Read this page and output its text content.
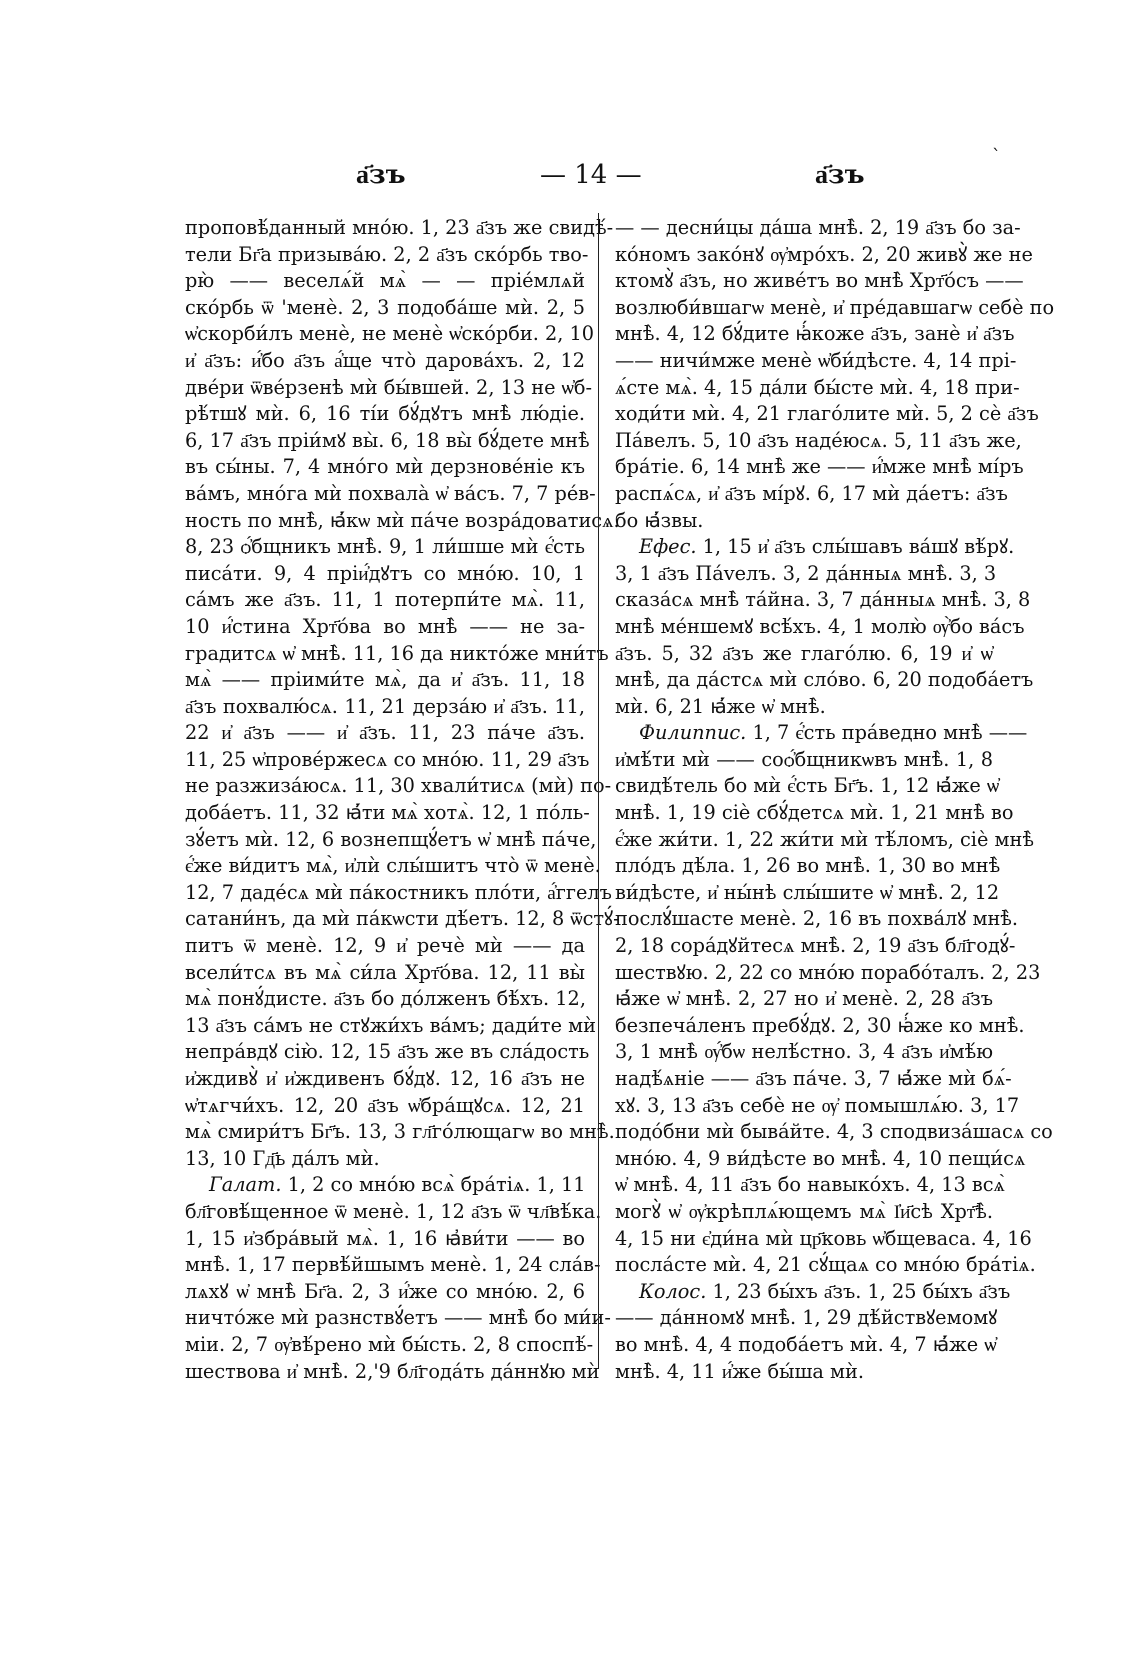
а҃зъ	— 14 —	а҃зъ
ˋ
проповѣ́данный мно́ю. 1, 23 а҃зъ же свидѣ́-
тели Бг҃а призыва́ю. 2, 2 а҃зъ ско́рбь тво-
рю̀ —— веселѧ́й мѧ̀ — — пріе́млѧй
ско́рбь ѿ 'менѐ. 2, 3 подоба́ше мѝ. 2, 5
ѡ҆скорби́лъ менѐ, не менѐ ѡ҆ско́рби. 2, 10
и҆ а҃зъ: и҆́бо а҃зъ а҆́ще что̀ дарова́хъ. 2, 12
две́ри ѿве́рзенѣ мѝ бы́вшей. 2, 13 не ѡ҆б-
рѣ́тшꙋ мѝ. 6, 16 ті́и бꙋ́дꙋтъ мнѣ̀ лю́діе.
6, 17 а҃зъ пріи́мꙋ вы̀. 6, 18 вы̀ бꙋ́дете мнѣ̀
въ сы́ны. 7, 4 мно́го мѝ дерзнове́ніе къ
ва́мъ, мно́га мѝ похвала̀ ѡ҆ ва́съ. 7, 7 ре́в-
ность по мнѣ̀, ꙗ҆́кѡ мѝ па́че возра́доватисѧ.
8, 23 ѻ҆́бщникъ мнѣ̀. 9, 1 ли́шше мѝ є҆́сть
писа́ти. 9, 4 пріи҆́дꙋтъ со мно́ю. 10, 1
са́мъ же а҃зъ. 11, 1 потерпи́те мѧ̀. 11,
10 и҆́стина Хрт҃о́ва во мнѣ̀ —— не за-
градитсѧ ѡ҆ мнѣ̀. 11, 16 да никто́же мни́тъ
мѧ̀ —— пріими́те мѧ̀, да и҆ а҃зъ. 11, 18
а҃зъ похвалю́сѧ. 11, 21 дерза́ю и҆ а҃зъ. 11,
22 и҆ а҃зъ —— и҆ а҃зъ. 11, 23 па́че а҃зъ.
11, 25 ѡ҆прове́ржесѧ со мно́ю. 11, 29 а҃зъ
не разжиза́юсѧ. 11, 30 хвали́тисѧ (мѝ) по-
доба́етъ. 11, 32 ꙗ҆́ти мѧ̀ хотѧ̀. 12, 1 по́ль-
зꙋ́етъ мѝ. 12, 6 вознепщꙋ́етъ ѡ҆ мнѣ̀ па́че,
є҆́же ви́дитъ мѧ̀, и҆лѝ слы́шитъ что̀ ѿ менѐ.
12, 7 даде́сѧ мѝ па́костникъ пло́ти, а҆́ггелъ
сатани́нъ, да мѝ па́кѡсти дѣ́етъ. 12, 8 ѿстꙋ́-
питъ ѿ менѐ. 12, 9 и҆ речѐ мѝ —— да
всели́тсѧ въ мѧ̀ си́ла Хрт҃о́ва. 12, 11 вы̀
мѧ̀ понꙋ́дисте. а҃зъ бо до́лженъ бѣ́хъ. 12,
13 а҃зъ са́мъ не стꙋжи́хъ ва́мъ; дади́те мѝ
непра́вдꙋ сію̀. 12, 15 а҃зъ же въ сла́дость
и҆ждивꙋ̀ и҆ и҆ждивенъ бꙋ́дꙋ. 12, 16 а҃зъ не
ѡ҆тѧгчи́хъ. 12, 20 а҃зъ ѡ҆бра́щꙋсѧ. 12, 21
мѧ̀ смири́тъ Бг҃ъ. 13, 3 гл҃го́лющагѡ во мнѣ̀.
13, 10 Гд҃ь да́лъ мѝ.
Галат. 1, 2 со мно́ю всѧ̀ бра́тіѧ. 1, 11
бл҃говѣ́щенное ѿ менѐ. 1, 12 а҃зъ ѿ чл҃вѣ́ка.
1, 15 и҆збра́вый мѧ̀. 1, 16 ꙗ҆ви́ти —— во
мнѣ̀. 1, 17 первѣ́йшымъ менѐ. 1, 24 сла́в-
лѧхꙋ ѡ҆ мнѣ̀ Бг҃а. 2, 3 и҆́же со мно́ю. 2, 6
ничто́же мѝ разнствꙋ́етъ —— мнѣ̀ бо ми́и-
міи. 2, 7 ѹ҆вѣ́рено мѝ бы́сть. 2, 8 споспѣ́-
шествова и҆ мнѣ̀. 2,'9 бл҃года́ть да́ннꙋю мѝ
— — десни́цы да́ша мнѣ̀. 2, 19 а҃зъ бо за-
ко́номъ зако́нꙋ ѹ҆мро́хъ. 2, 20 живꙋ̀ же не
ктомꙋ̀ а҃зъ, но живе́тъ во мнѣ̀ Хрт҃о́съ ——
возлюби́вшагѡ менѐ, и҆ пре́давшагѡ себѐ по
мнѣ̀. 4, 12 бꙋ́дите ꙗ҆́коже а҃зъ, занѐ и҆ а҃зъ
—— ничи́мже менѐ ѡ҆би́дѣсте. 4, 14 прі-
ѧ́сте мѧ̀. 4, 15 да́ли бы́сте мѝ. 4, 18 при-
ходи́ти мѝ. 4, 21 глаго́лите мѝ. 5, 2 сѐ а҃зъ
Па́велъ. 5, 10 а҃зъ наде́юсѧ. 5, 11 а҃зъ же,
бра́тіе. 6, 14 мнѣ̀ же —— и҆́мже мнѣ̀ мі́ръ
распѧ́сѧ, и҆ а҃зъ мі́рꙋ. 6, 17 мѝ да́етъ: а҃зъ
бо ꙗ҆́звы.
Ефес. 1, 15 и҆ а҃зъ слы́шавъ ва́шꙋ вѣ́рꙋ.
3, 1 а҃зъ Па́vелъ. 3, 2 да́нныѧ мнѣ̀. 3, 3
сказа́сѧ мнѣ̀ та́йна. 3, 7 да́нныѧ мнѣ̀. 3, 8
мнѣ̀ ме́ншемꙋ всѣ́хъ. 4, 1 молю̀ ѹ҆̀бо ва́съ
а҃зъ. 5, 32 а҃зъ же глаго́лю. 6, 19 и҆ ѡ҆
мнѣ̀, да да́стсѧ мѝ сло́во. 6, 20 подоба́етъ
мѝ. 6, 21 ꙗ҆́же ѡ҆ мнѣ̀.
Филиппис. 1, 7 є҆́сть пра́ведно мнѣ̀ ——
и҆мѣ́ти мѝ —— соѻ҆́бщникѡвъ мнѣ̀. 1, 8
свидѣ́тель бо мѝ є҆́сть Бг҃ъ. 1, 12 ꙗ҆́же ѡ҆
мнѣ̀. 1, 19 сіѐ сбꙋ́детсѧ мѝ. 1, 21 мнѣ̀ во
є҆́же жи́ти. 1, 22 жи́ти мѝ тѣ́ломъ, сіѐ мнѣ̀
пло́дъ дѣ́ла. 1, 26 во мнѣ̀. 1, 30 во мнѣ̀
ви́дѣсте, и҆ ны́нѣ слы́шите ѡ҆ мнѣ̀. 2, 12
послꙋ́шасте менѐ. 2, 16 въ похва́лꙋ мнѣ̀.
2, 18 сора́дꙋйтесѧ мнѣ̀. 2, 19 а҃зъ бл҃годꙋ́-
шествꙋю. 2, 22 со мно́ю порабо́талъ. 2, 23
ꙗ҆́же ѡ҆ мнѣ̀. 2, 27 но и҆ менѐ. 2, 28 а҃зъ
безпеча́ленъ пребꙋ́дꙋ. 2, 30 ꙗ҆́же ко мнѣ̀.
3, 1 мнѣ̀ ѹ҆́бѡ нелѣ́стно. 3, 4 а҃зъ и҆мѣ́ю
надѣ́ѧніе —— а҃зъ па́че. 3, 7 ꙗ҆́же мѝ бѧ́-
хꙋ. 3, 13 а҃зъ себѐ не ѹ҆ помышлѧ́ю. 3, 17
подо́бни мѝ быва́йте. 4, 3 сподвиза́шасѧ со
мно́ю. 4, 9 ви́дѣсте во мнѣ̀. 4, 10 пещи́сѧ
ѡ҆ мнѣ̀. 4, 11 а҃зъ бо навыко́хъ. 4, 13 всѧ̀
могꙋ̀ ѡ҆ ѹ҆крѣплѧ́ющемъ мѧ̀ І҆и҃сѣ Хрт҃ѣ̀.
4, 15 ни є҆ди́на мѝ цр҃ковь ѡ҆бщеваса. 4, 16
посла́сте мѝ. 4, 21 сꙋ́щаѧ со мно́ю бра́тіѧ.
Колос. 1, 23 бы́хъ а҃зъ. 1, 25 бы́хъ а҃зъ
—— да́нномꙋ мнѣ̀. 1, 29 дѣ́йствꙋемомꙋ
во мнѣ̀. 4, 4 подоба́етъ мѝ. 4, 7 ꙗ҆́же ѡ҆
мнѣ̀. 4, 11 и҆́же бы́ша мѝ.
